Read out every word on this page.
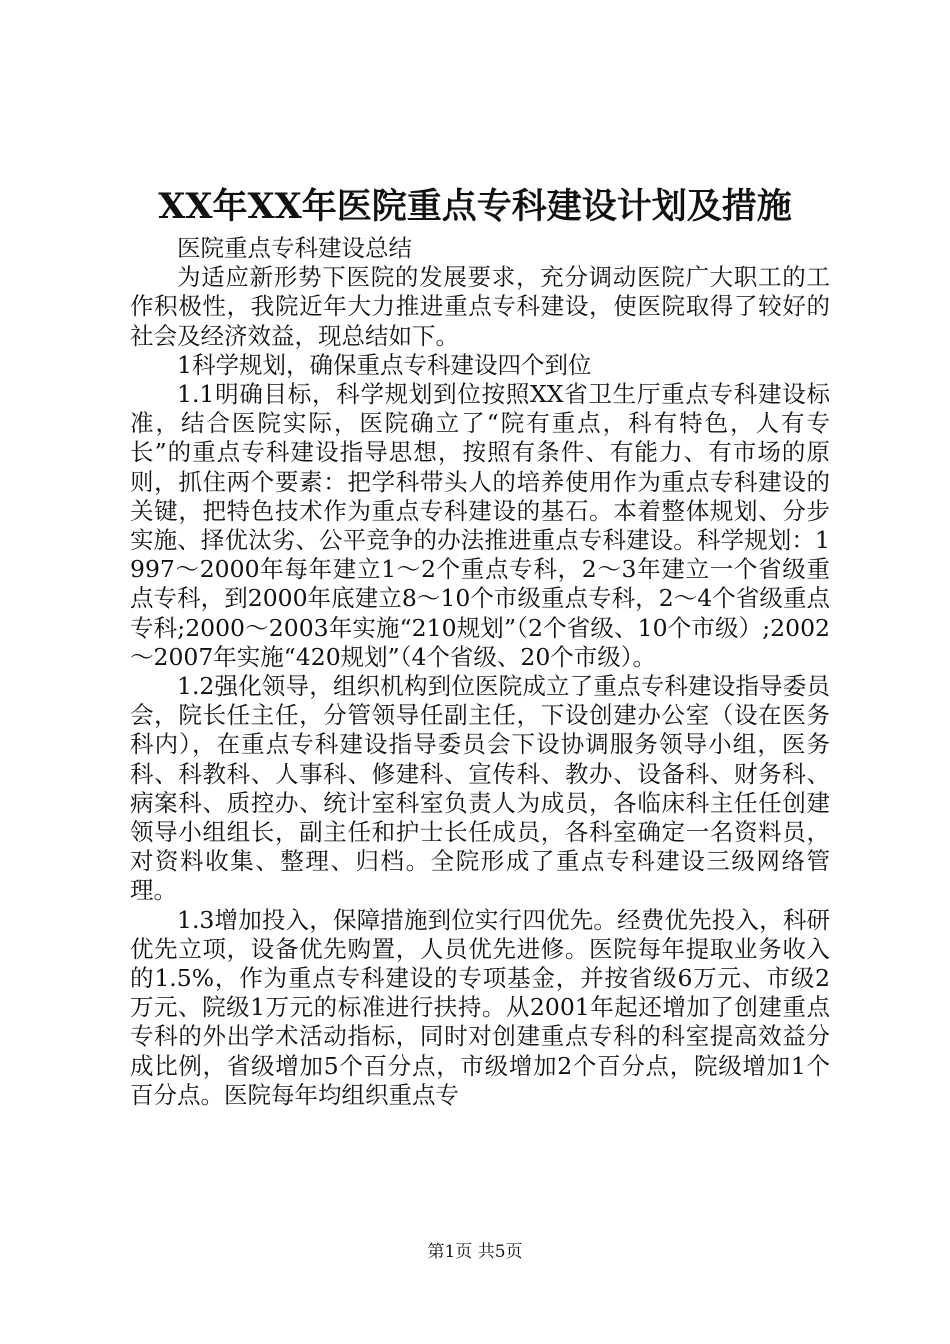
XX年XX年医院重点专科建设计划及措施

医院重点专科建设总结

为适应新形势下医院的发展要求，充分调动医院广大职工的工作积极性，我院近年大力推进重点专科建设，使医院取得了较好的社会及经济效益，现总结如下。

1科学规划，确保重点专科建设四个到位

1.1明确目标，科学规划到位按照XX省卫生厅重点专科建设标准，结合医院实际，医院确立了“院有重点，科有特色，人有专长”的重点专科建设指导思想，按照有条件、有能力、有市场的原则，抓住两个要素：把学科带头人的培养使用作为重点专科建设的关键，把特色技术作为重点专科建设的基石。本着整体规划、分步实施、择优汰劣、公平竞争的办法推进重点专科建设。科学规划：1997～2000年每年建立1～2个重点专科，2～3年建立一个省级重点专科，到2000年底建立8～10个市级重点专科，2～4个省级重点专科;2000～2003年实施“210规划”（2个省级、10个市级）;2002～2007年实施“420规划”（4个省级、20个市级）。

1.2强化领导，组织机构到位医院成立了重点专科建设指导委员会，院长任主任，分管领导任副主任，下设创建办公室（设在医务科内），在重点专科建设指导委员会下设协调服务领导小组，医务科、科教科、人事科、修建科、宣传科、教办、设备科、财务科、病案科、质控办、统计室科室负责人为成员，各临床科主任任创建领导小组组长，副主任和护士长任成员，各科室确定一名资料员，对资料收集、整理、归档。全院形成了重点专科建设三级网络管理。

1.3增加投入，保障措施到位实行四优先。经费优先投入，科研优先立项，设备优先购置，人员优先进修。医院每年提取业务收入的1.5%，作为重点专科建设的专项基金，并按省级6万元、市级2万元、院级1万元的标准进行扶持。从2001年起还增加了创建重点专科的外出学术活动指标，同时对创建重点专科的科室提高效益分成比例，省级增加5个百分点，市级增加2个百分点，院级增加1个百分点。医院每年均组织重点专

第1页 共5页
